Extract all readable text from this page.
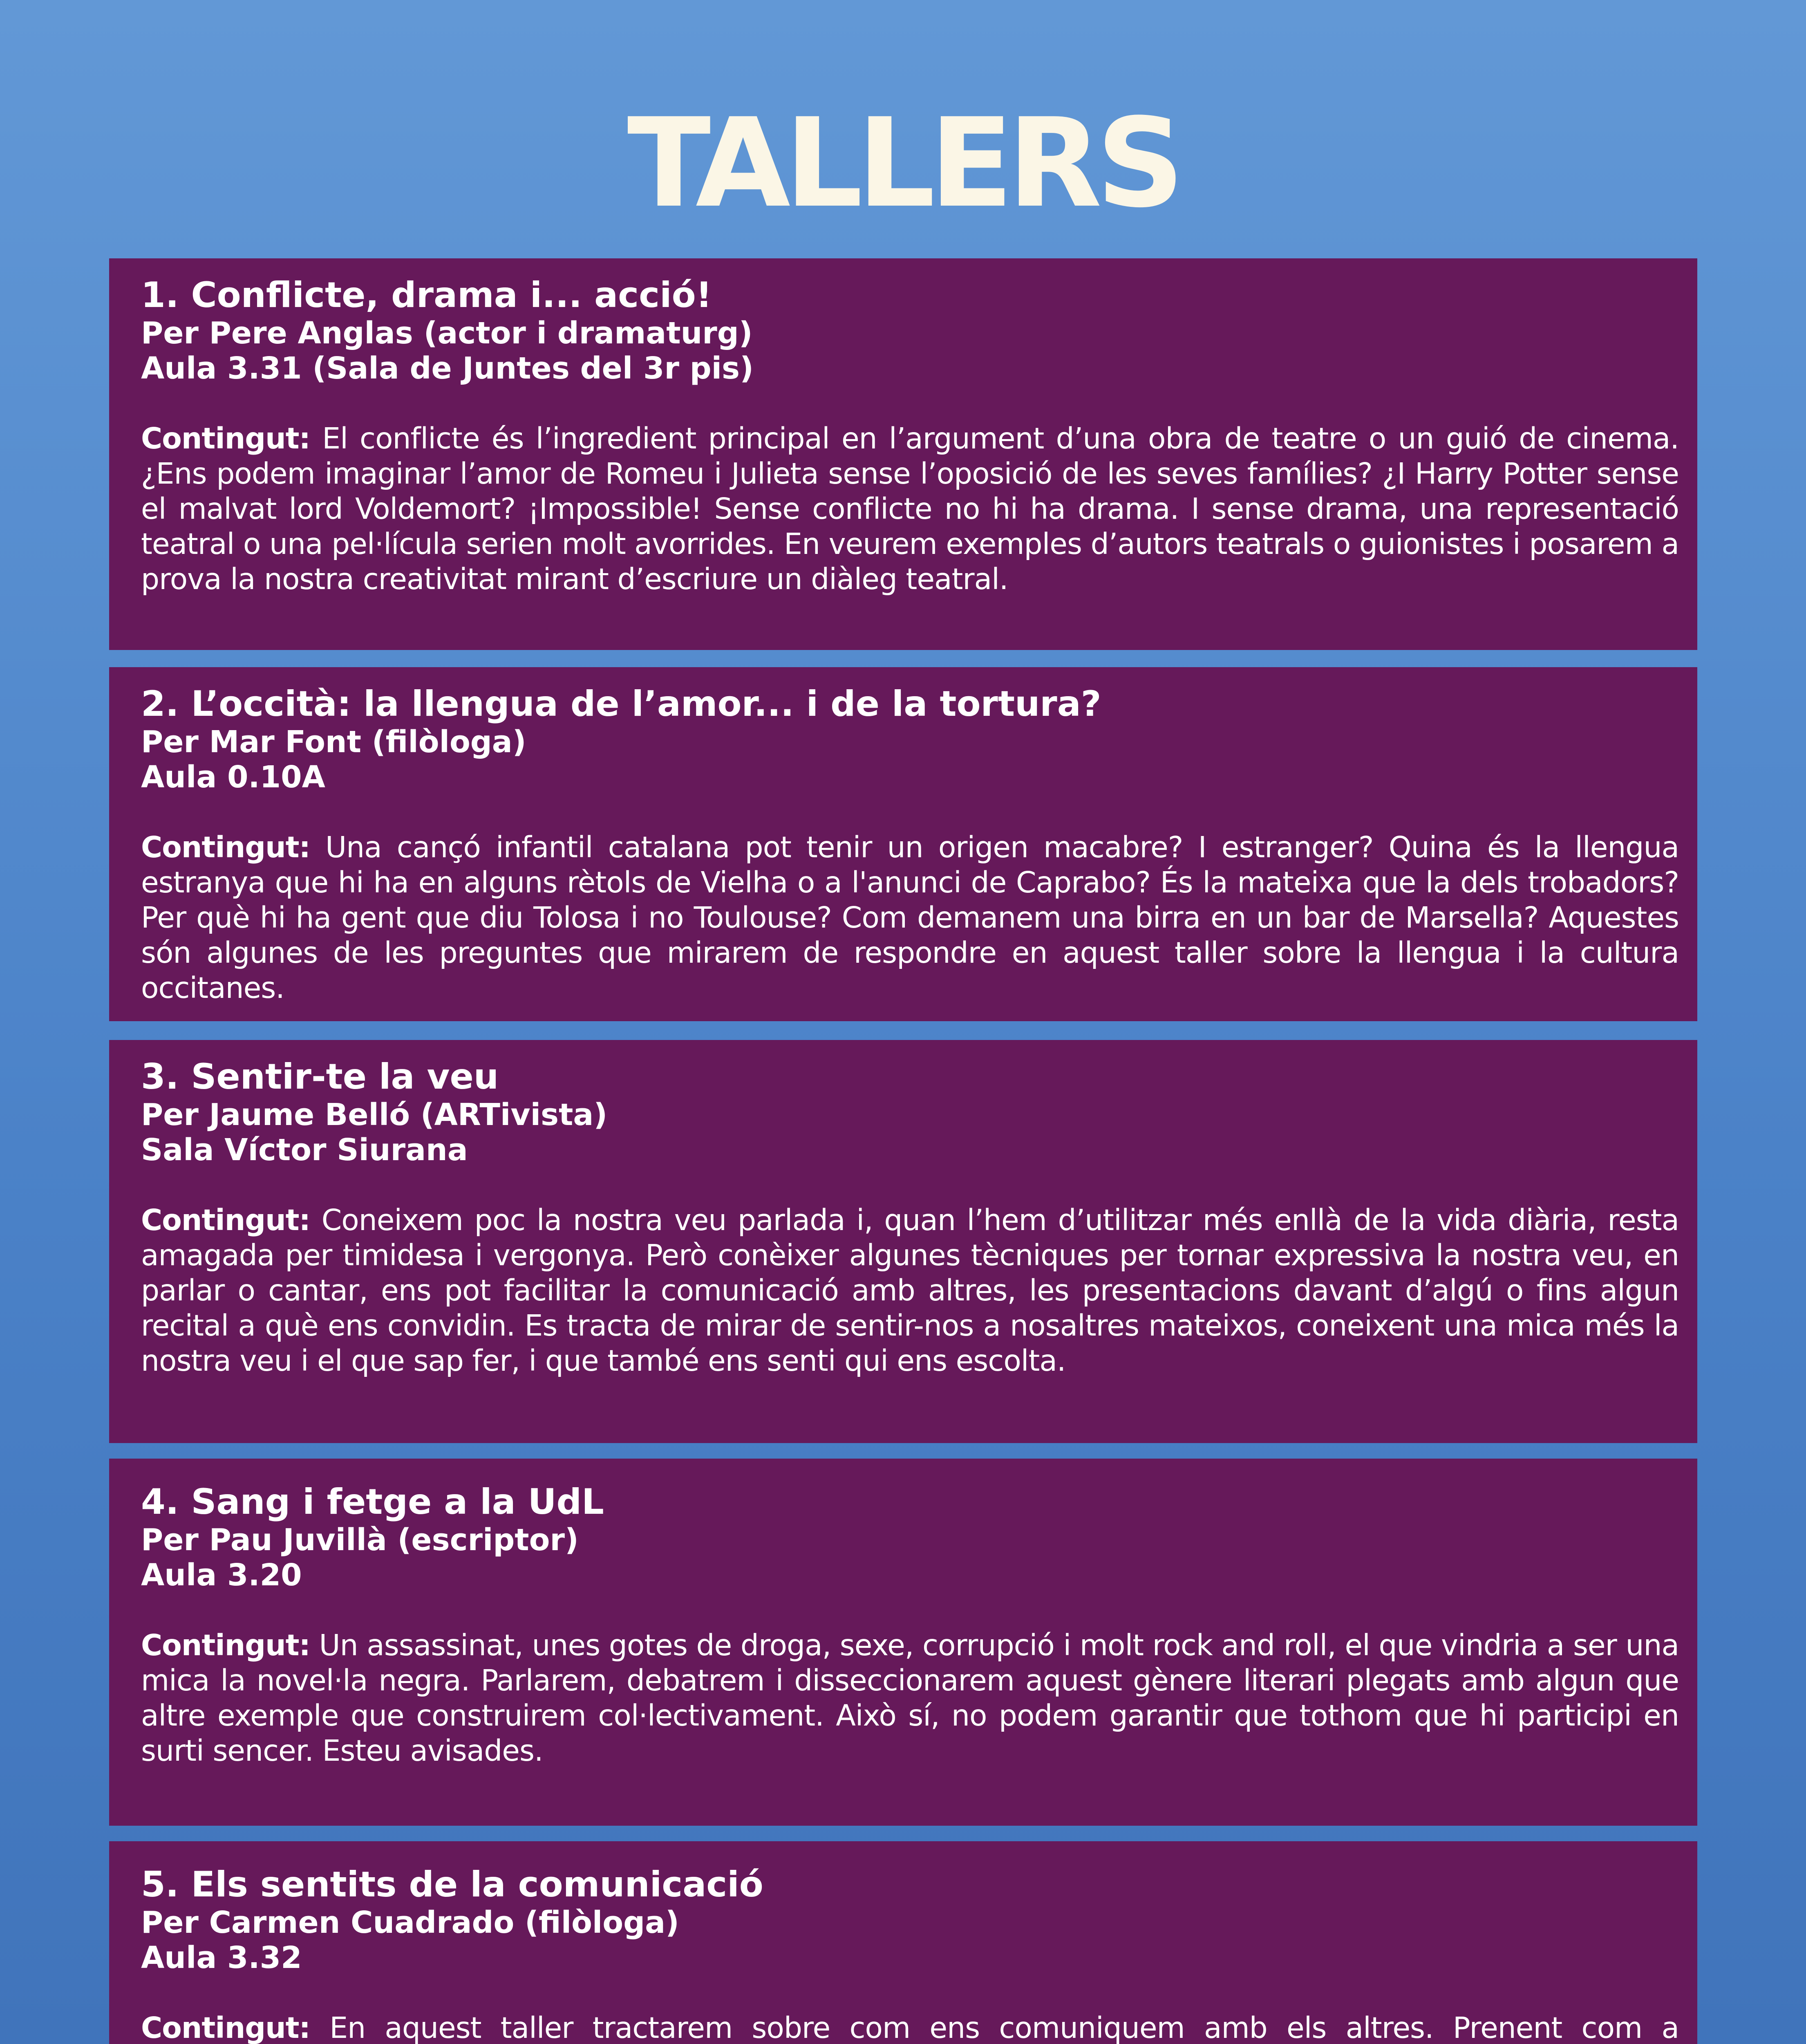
TALLERS
1. Conflicte, drama i... acció!
Per Pere Anglas (actor i dramaturg)
Aula 3.31 (Sala de Juntes del 3r pis)
Contingut: El conflicte és l’ingredient principal en l’argument d’una obra de teatre o un guió de cinema. ¿Ens podem imaginar l’amor de Romeu i Julieta sense l’oposició de les seves famílies? ¿I Harry Potter sense el malvat lord Voldemort? ¡Impossible! Sense conflicte no hi ha drama. I sense drama, una representació teatral o una pel·lícula serien molt avorrides. En veurem exemples d’autors teatrals o guionistes i posarem a prova la nostra creativitat mirant d’escriure un diàleg teatral.
2. L’occità: la llengua de l’amor... i de la tortura?
Per Mar Font (filòloga)
Aula 0.10A
Contingut: Una cançó infantil catalana pot tenir un origen macabre? I estranger? Quina és la llengua estranya que hi ha en alguns rètols de Vielha o a l'anunci de Caprabo? És la mateixa que la dels trobadors? Per què hi ha gent que diu Tolosa i no Toulouse? Com demanem una birra en un bar de Marsella? Aquestes són algunes de les preguntes que mirarem de respondre en aquest taller sobre la llengua i la cultura occitanes.
3. Sentir-te la veu
Per Jaume Belló (ARTivista)
Sala Víctor Siurana
Contingut: Coneixem poc la nostra veu parlada i, quan l’hem d’utilitzar més enllà de la vida diària, resta amagada per timidesa i vergonya. Però conèixer algunes tècniques per tornar expressiva la nostra veu, en parlar o cantar, ens pot facilitar la comunicació amb altres, les presentacions davant d’algú o fins algun recital a què ens convidin. Es tracta de mirar de sentir-nos a nosaltres mateixos, coneixent una mica més la nostra veu i el que sap fer, i que també ens senti qui ens escolta.
4. Sang i fetge a la UdL
Per Pau Juvillà (escriptor)
Aula 3.20
Contingut: Un assassinat, unes gotes de droga, sexe, corrupció i molt rock and roll, el que vindria a ser una mica la novel·la negra. Parlarem, debatrem i disseccionarem aquest gènere literari plegats amb algun que altre exemple que construirem col·lectivament. Això sí, no podem garantir que tothom que hi participi en surti sencer. Esteu avisades.
5. Els sentits de la comunicació
Per Carmen Cuadrado (filòloga)
Aula 3.32
Contingut: En aquest taller tractarem sobre com ens comuniquem amb els altres. Prenent com a
